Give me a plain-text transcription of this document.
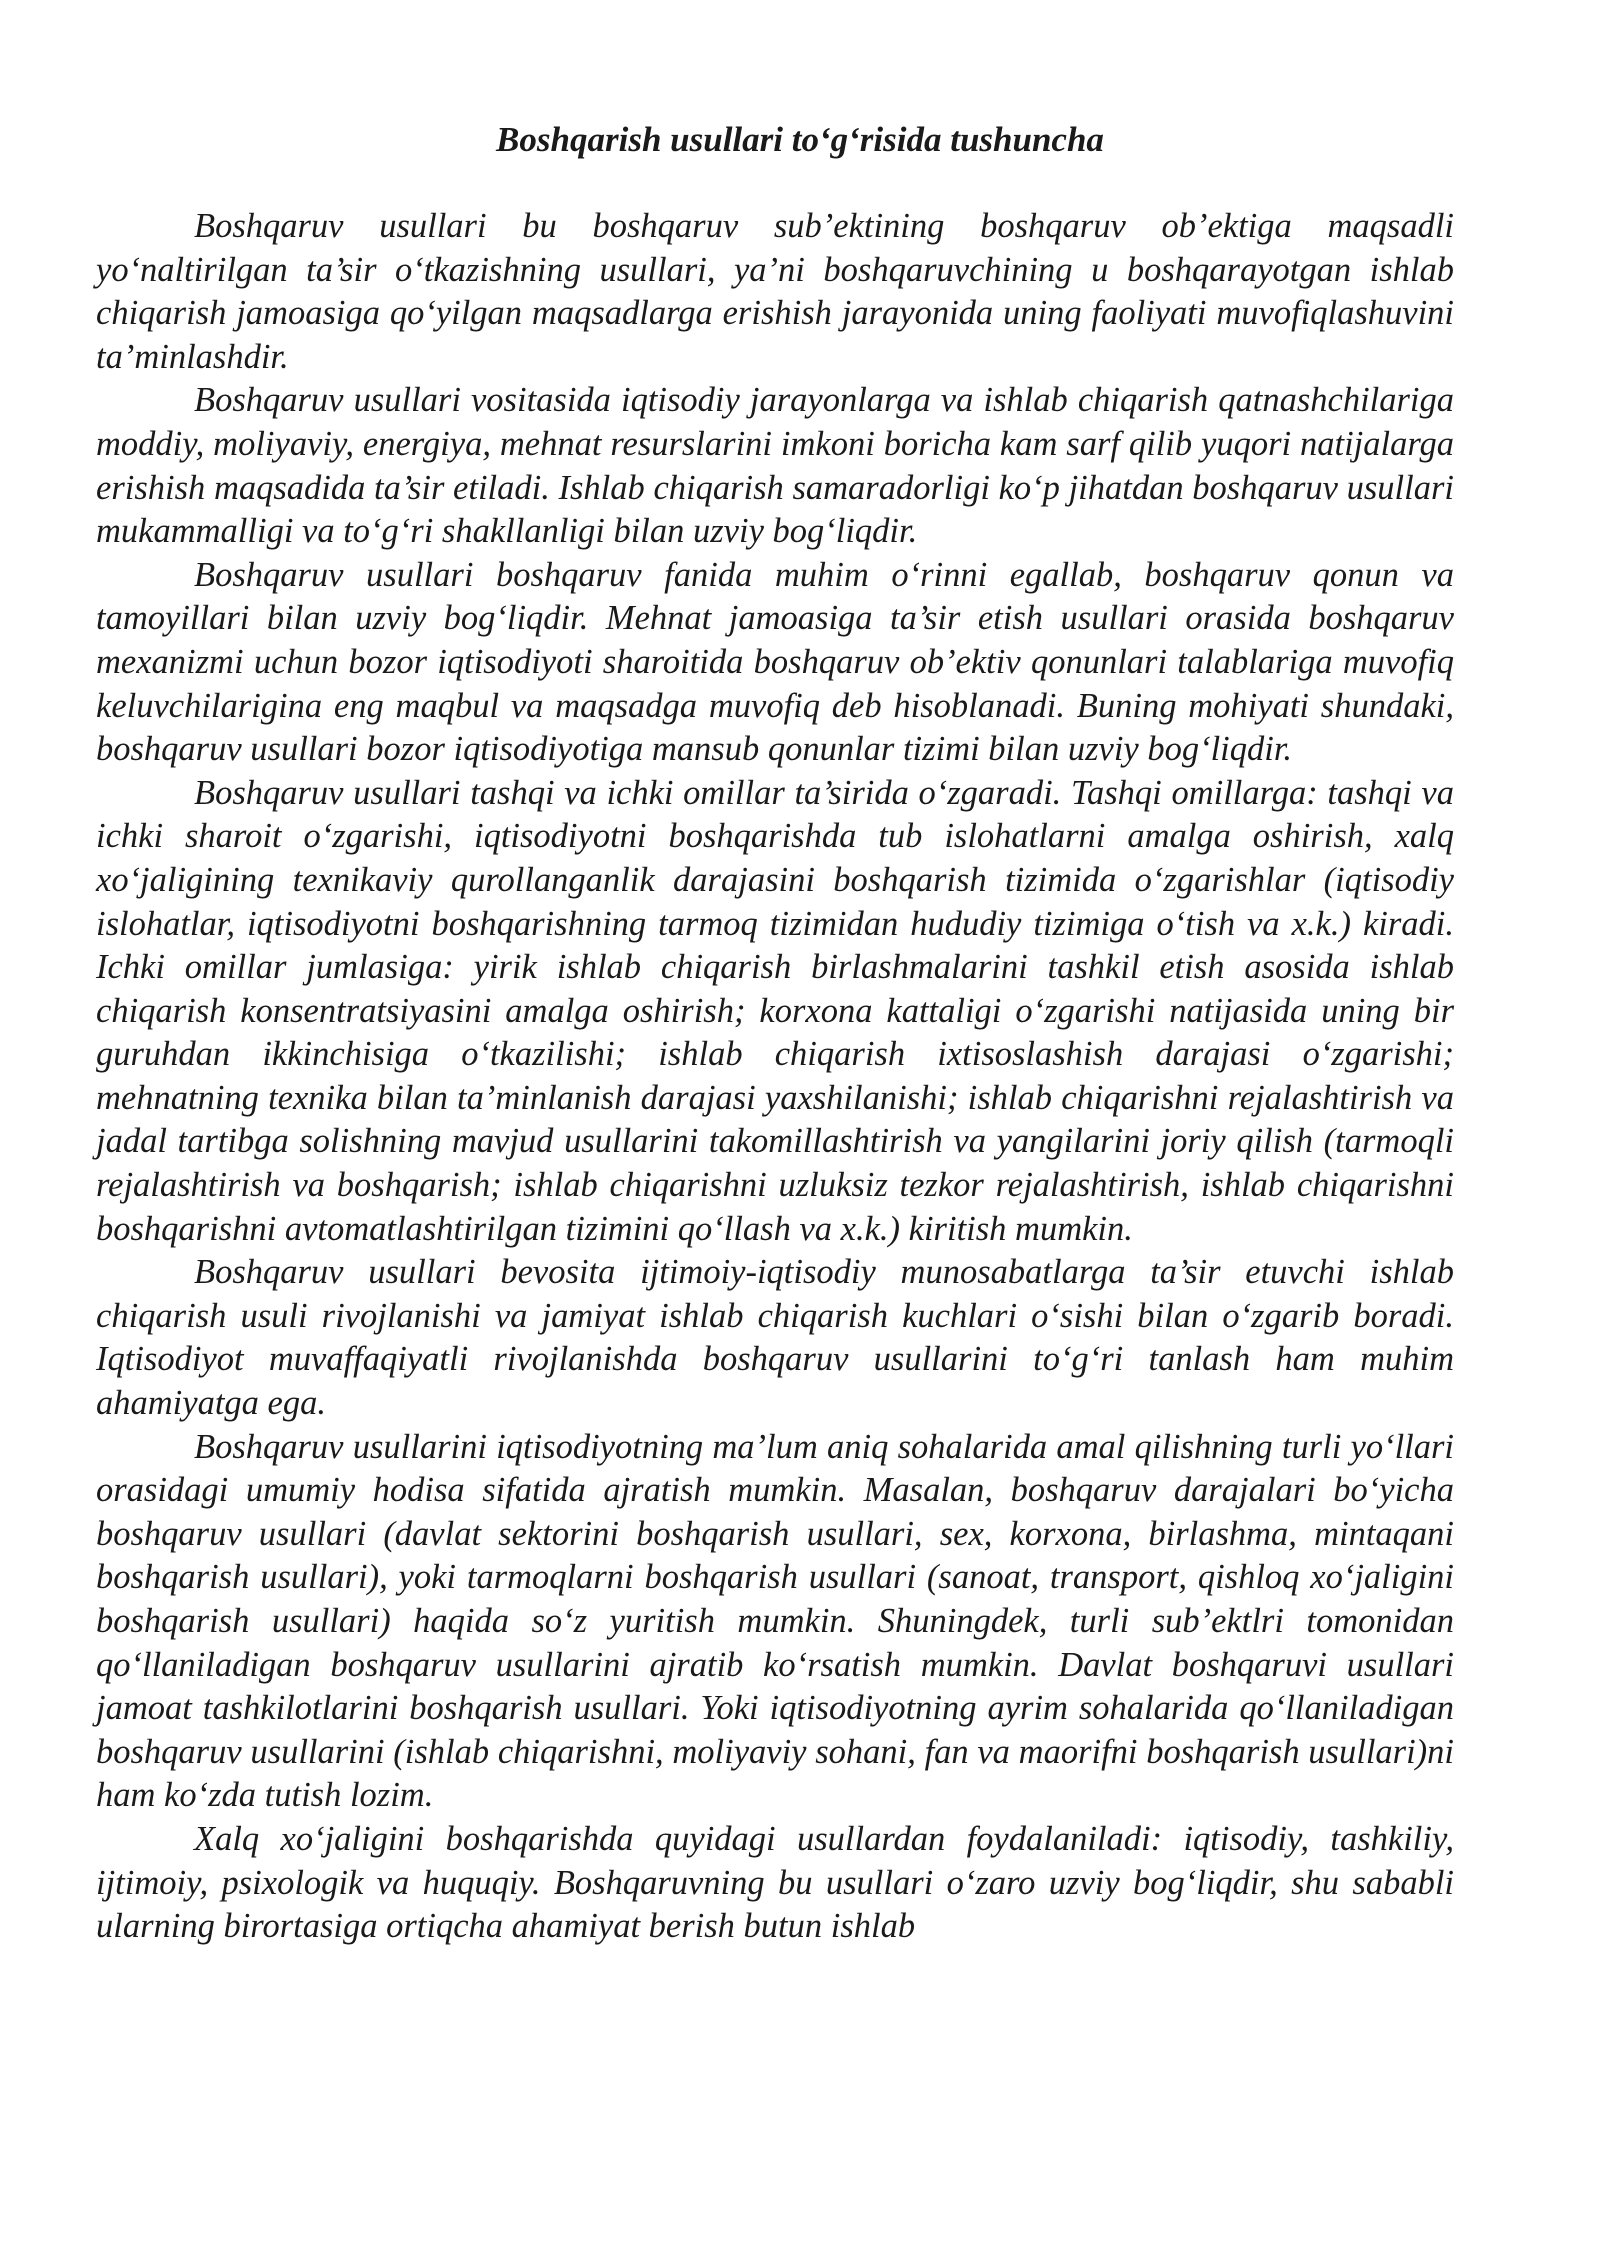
Boshqarish usullari to‘g‘risida tushuncha

Boshqaruv usullari bu boshqaruv sub’ektining boshqaruv ob’ektiga maqsadli yo‘naltirilgan ta’sir o‘tkazishning usullari, ya’ni boshqaruvchining u boshqarayotgan ishlab chiqarish jamoasiga qo‘yilgan maqsadlarga erishish jarayonida uning faoliyati muvofiqlashuvini ta’minlashdir.

Boshqaruv usullari vositasida iqtisodiy jarayonlarga va ishlab chiqarish qatnashchilariga moddiy, moliyaviy, energiya, mehnat resurslarini imkoni boricha kam sarf qilib yuqori natijalarga erishish maqsadida ta’sir etiladi. Ishlab chiqarish samaradorligi ko‘p jihatdan boshqaruv usullari mukammalligi va to‘g‘ri shakllanligi bilan uzviy bog‘liqdir.

Boshqaruv usullari boshqaruv fanida muhim o‘rinni egallab, boshqaruv qonun va tamoyillari bilan uzviy bog‘liqdir. Mehnat jamoasiga ta’sir etish usullari orasida boshqaruv mexanizmi uchun bozor iqtisodiyoti sharoitida boshqaruv ob’ektiv qonunlari talablariga muvofiq keluvchilariginа eng maqbul va maqsadga muvofiq deb hisoblanadi. Buning mohiyati shundaki, boshqaruv usullari bozor iqtisodiyotiga mansub qonunlar tizimi bilan uzviy bog‘liqdir.

Boshqaruv usullari tashqi va ichki omillar ta’sirida o‘zgaradi. Tashqi omillarga: tashqi va ichki sharoit o‘zgarishi, iqtisodiyotni boshqarishda tub islohatlarni amalga oshirish, xalq xo‘jaligining texnikaviy qurollanganlik darajasini boshqarish tizimida o‘zgarishlar (iqtisodiy islohatlar, iqtisodiyotni boshqarishning tarmoq tizimidan hududiy tizimiga o‘tish va x.k.) kiradi. Ichki omillar jumlasiga: yirik ishlab chiqarish birlashmalarini tashkil etish asosida ishlab chiqarish konsentratsiyasini amalga oshirish; korxona kattaligi o‘zgarishi natijasida uning bir guruhdan ikkinchisiga o‘tkazilishi; ishlab chiqarish ixtisoslashish darajasi o‘zgarishi; mehnatning texnika bilan ta’minlanish darajasi yaxshilanishi; ishlab chiqarishni rejalashtirish va jadal tartibga solishning mavjud usullarini takomillashtirish va yangilarini joriy qilish (tarmoqli rejalashtirish va boshqarish; ishlab chiqarishni uzluksiz tezkor rejalashtirish, ishlab chiqarishni boshqarishni avtomatlashtirilgan tizimini qo‘llash va x.k.) kiritish mumkin.

Boshqaruv usullari bevosita ijtimoiy-iqtisodiy munosabatlarga ta’sir etuvchi ishlab chiqarish usuli rivojlanishi va jamiyat ishlab chiqarish kuchlari o‘sishi bilan o‘zgarib boradi. Iqtisodiyot muvaffaqiyatli rivojlanishda boshqaruv usullarini to‘g‘ri tanlash ham muhim ahamiyatga ega.

Boshqaruv usullarini iqtisodiyotning ma’lum aniq sohalarida amal qilishning turli yo‘llari orasidagi umumiy hodisa sifatida ajratish mumkin. Masalan, boshqaruv darajalari bo‘yicha boshqaruv usullari (davlat sektorini boshqarish usullari, sex, korxona, birlashma, mintaqani boshqarish usullari), yoki tarmoqlarni boshqarish usullari (sanoat, transport, qishloq xo‘jaligini boshqarish usullari) haqida so‘z yuritish mumkin. Shuningdek, turli sub’ektlri tomonidan qo‘llaniladigan boshqaruv usullarini ajratib ko‘rsatish mumkin. Davlat boshqaruvi usullari jamoat tashkilotlarini boshqarish usullari. Yoki iqtisodiyotning ayrim sohalarida qo‘llaniladigan boshqaruv usullarini (ishlab chiqarishni, moliyaviy sohani, fan va maorifni boshqarish usullari)ni ham ko‘zda tutish lozim.

Xalq xo‘jaligini boshqarishda quyidagi usullardan foydalaniladi: iqtisodiy, tashkiliy, ijtimoiy, psixologik va huquqiy. Boshqaruvning bu usullari o‘zaro uzviy bog‘liqdir, shu sababli ularning birortasiga ortiqcha ahamiyat berish butun ishlab
